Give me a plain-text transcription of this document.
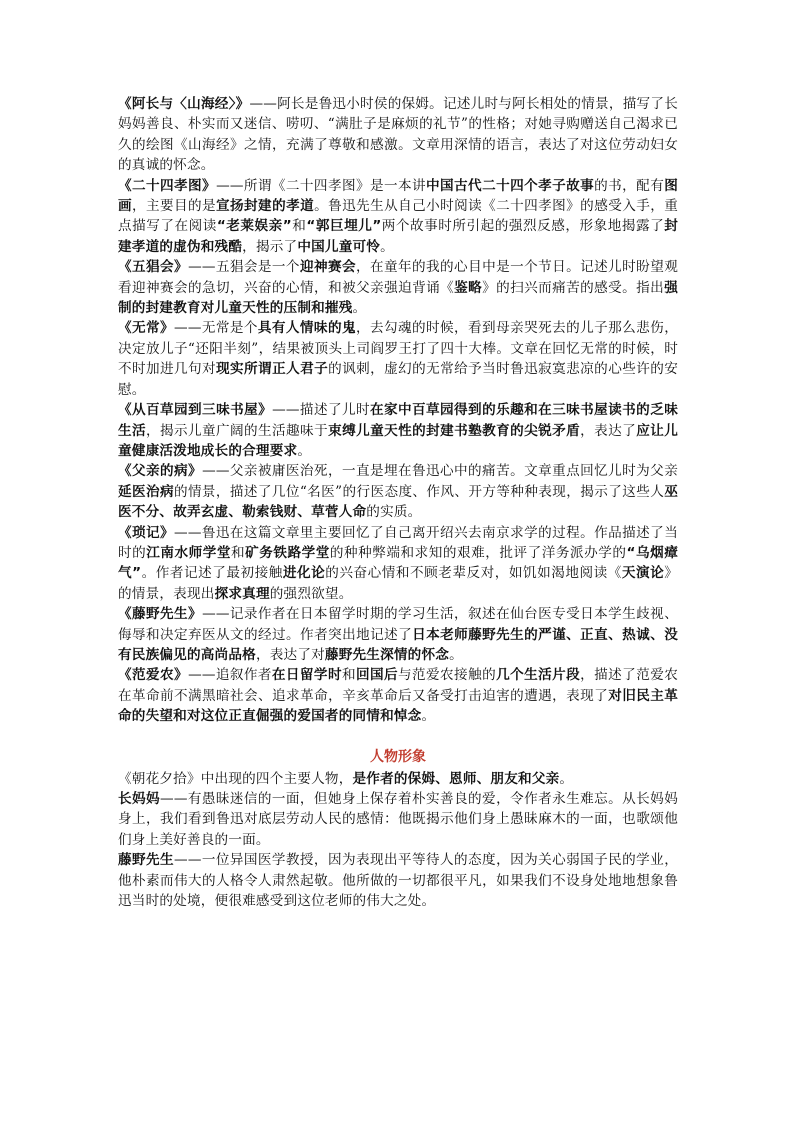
《阿长与〈山海经〉》——阿长是鲁迅小时侯的保姆。记述儿时与阿长相处的情景，描写了长妈妈善良、朴实而又迷信、唠叨、“满肚子是麻烦的礼节”的性格；对她寻购赠送自己渴求已久的绘图《山海经》之情，充满了尊敬和感激。文章用深情的语言，表达了对这位劳动妇女的真诚的怀念。

《二十四孝图》——所谓《二十四孝图》是一本讲中国古代二十四个孝子故事的书，配有图画，主要目的是宣扬封建的孝道。鲁迅先生从自己小时阅读《二十四孝图》的感受入手，重点描写了在阅读“老莱娱亲”和“郭巨埋儿”两个故事时所引起的强烈反感，形象地揭露了封建孝道的虚伪和残酷，揭示了中国儿童可怜。

《五猖会》——五猖会是一个迎神赛会，在童年的我的心目中是一个节日。记述儿时盼望观看迎神赛会的急切，兴奋的心情，和被父亲强迫背诵《鉴略》的扫兴而痛苦的感受。指出强制的封建教育对儿童天性的压制和摧残。

《无常》——无常是个具有人情味的鬼，去勾魂的时候，看到母亲哭死去的儿子那么悲伤，决定放儿子“还阳半刻”，结果被顶头上司阎罗王打了四十大棒。文章在回忆无常的时候，时不时加进几句对现实所谓正人君子的讽刺，虚幻的无常给予当时鲁迅寂寞悲凉的心些许的安慰。

《从百草园到三味书屋》——描述了儿时在家中百草园得到的乐趣和在三味书屋读书的乏味生活，揭示儿童广阔的生活趣味于束缚儿童天性的封建书塾教育的尖锐矛盾，表达了应让儿童健康活泼地成长的合理要求。

《父亲的病》——父亲被庸医治死，一直是埋在鲁迅心中的痛苦。文章重点回忆儿时为父亲延医治病的情景，描述了几位“名医”的行医态度、作风、开方等种种表现，揭示了这些人巫医不分、故弄玄虚、勒索钱财、草菅人命的实质。

《琐记》——鲁迅在这篇文章里主要回忆了自己离开绍兴去南京求学的过程。作品描述了当时的江南水师学堂和矿务铁路学堂的种种弊端和求知的艰难，批评了洋务派办学的“乌烟瘴气”。作者记述了最初接触进化论的兴奋心情和不顾老辈反对，如饥如渴地阅读《天演论》的情景，表现出探求真理的强烈欲望。

《藤野先生》——记录作者在日本留学时期的学习生活，叙述在仙台医专受日本学生歧视、侮辱和决定弃医从文的经过。作者突出地记述了日本老师藤野先生的严谨、正直、热诚、没有民族偏见的高尚品格，表达了对藤野先生深情的怀念。

《范爱农》——追叙作者在日留学时和回国后与范爱农接触的几个生活片段，描述了范爱农在革命前不满黑暗社会、追求革命，辛亥革命后又备受打击迫害的遭遇，表现了对旧民主革命的失望和对这位正直倔强的爱国者的同情和悼念。

人物形象

《朝花夕拾》中出现的四个主要人物，是作者的保姆、恩师、朋友和父亲。

长妈妈——有愚昧迷信的一面，但她身上保存着朴实善良的爱，令作者永生难忘。从长妈妈身上，我们看到鲁迅对底层劳动人民的感情：他既揭示他们身上愚昧麻木的一面，也歌颂他们身上美好善良的一面。

藤野先生——一位异国医学教授，因为表现出平等待人的态度，因为关心弱国子民的学业，他朴素而伟大的人格令人肃然起敬。他所做的一切都很平凡，如果我们不设身处地地想象鲁迅当时的处境，便很难感受到这位老师的伟大之处。
